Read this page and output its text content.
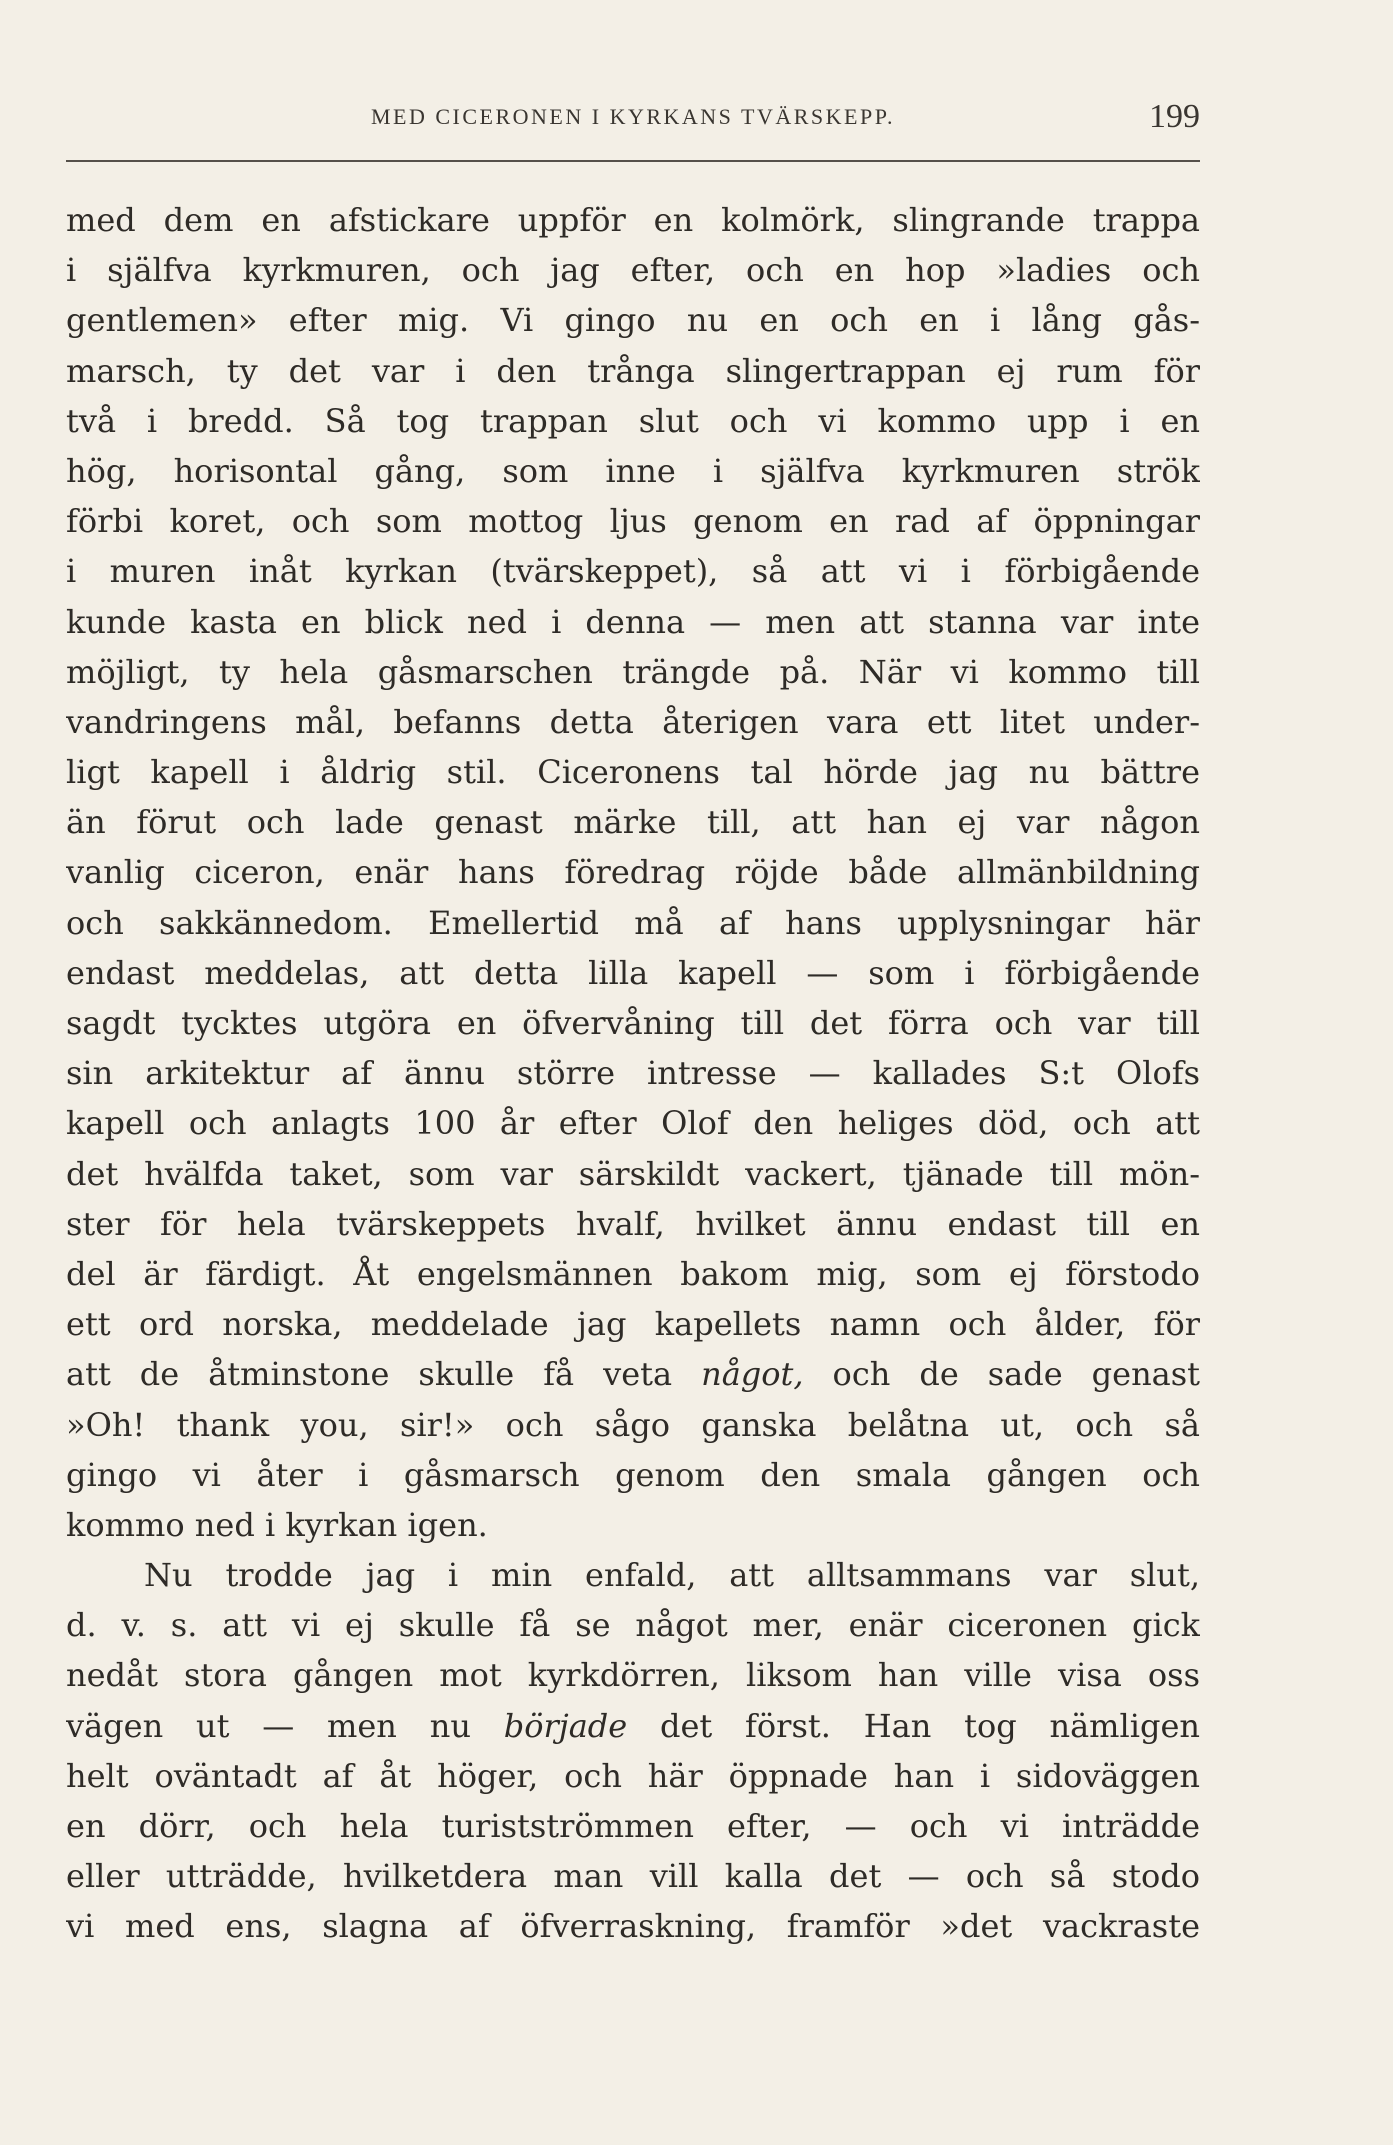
MED CICERONEN I KYRKANS TVÄRSKEPP.	199
med dem en afstickare uppför en kolmörk, slingrande trappa
i själfva kyrkmuren, och jag efter, och en hop »ladies och
gentlemen» efter mig. Vi gingo nu en och en i lång gås-
marsch, ty det var i den trånga slingertrappan ej rum för
två i bredd. Så tog trappan slut och vi kommo upp i en
hög, horisontal gång, som inne i själfva kyrkmuren strök
förbi koret, och som mottog ljus genom en rad af öppningar
i muren inåt kyrkan (tvärskeppet), så att vi i förbigående
kunde kasta en blick ned i denna — men att stanna var inte
möjligt, ty hela gåsmarschen trängde på. När vi kommo till
vandringens mål, befanns detta återigen vara ett litet under-
ligt kapell i åldrig stil. Ciceronens tal hörde jag nu bättre
än förut och lade genast märke till, att han ej var någon
vanlig ciceron, enär hans föredrag röjde både allmänbildning
och sakkännedom. Emellertid må af hans upplysningar här
endast meddelas, att detta lilla kapell — som i förbigående
sagdt tycktes utgöra en öfvervåning till det förra och var till
sin arkitektur af ännu större intresse — kallades S:t Olofs
kapell och anlagts 100 år efter Olof den heliges död, och att
det hvälfda taket, som var särskildt vackert, tjänade till mön-
ster för hela tvärskeppets hvalf, hvilket ännu endast till en
del är färdigt. Åt engelsmännen bakom mig, som ej förstodo
ett ord norska, meddelade jag kapellets namn och ålder, för
att de åtminstone skulle få veta något, och de sade genast
»Oh! thank you, sir!» och sågo ganska belåtna ut, och så
gingo vi åter i gåsmarsch genom den smala gången och
kommo ned i kyrkan igen.
Nu trodde jag i min enfald, att alltsammans var slut,
d. v. s. att vi ej skulle få se något mer, enär ciceronen gick
nedåt stora gången mot kyrkdörren, liksom han ville visa oss
vägen ut — men nu började det först. Han tog nämligen
helt oväntadt af åt höger, och här öppnade han i sidoväggen
en dörr, och hela turistströmmen efter, — och vi inträdde
eller utträdde, hvilketdera man vill kalla det — och så stodo
vi med ens, slagna af öfverraskning, framför »det vackraste
